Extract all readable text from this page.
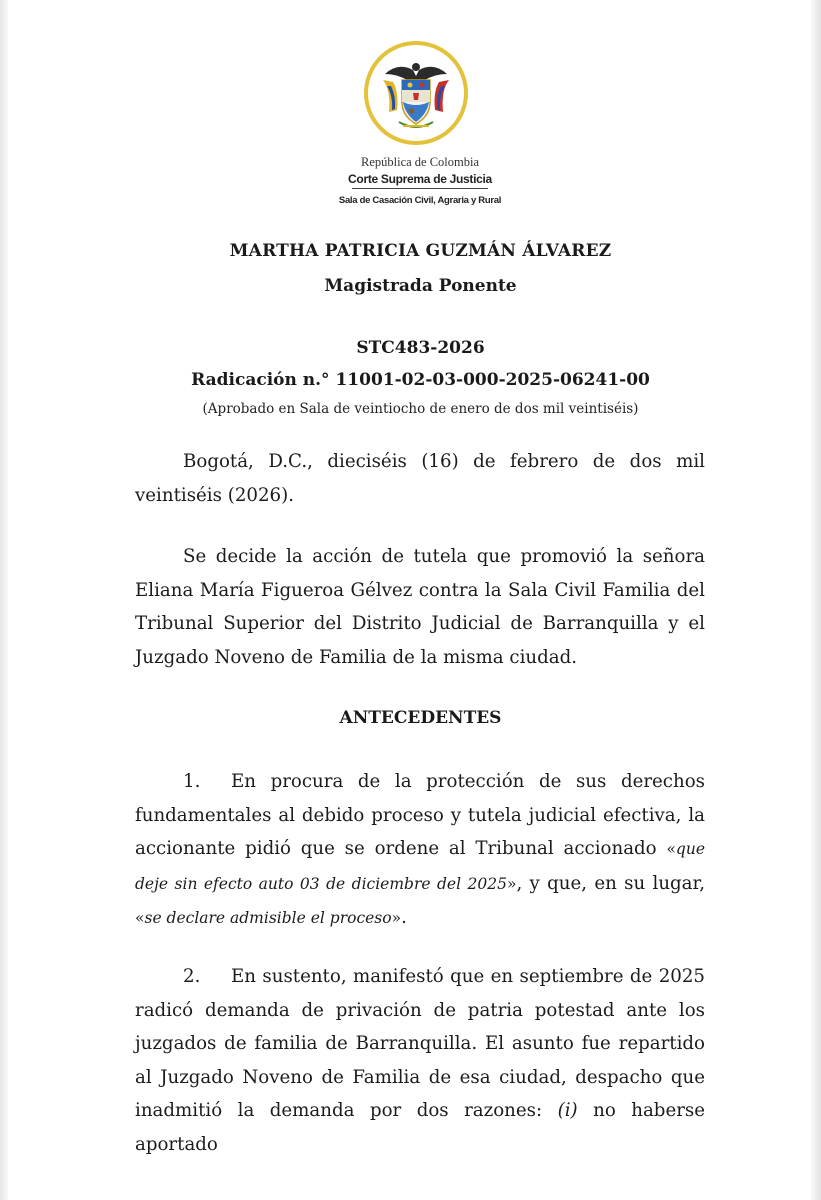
República de Colombia
Corte Suprema de Justicia
Sala de Casación Civil, Agraria y Rural
MARTHA PATRICIA GUZMÁN ÁLVAREZ
Magistrada Ponente
STC483-2026
Radicación n.° 11001-02-03-000-2025-06241-00
(Aprobado en Sala de veintiocho de enero de dos mil veintiséis)
Bogotá, D.C., dieciséis (16) de febrero de dos mil veintiséis (2026).
Se decide la acción de tutela que promovió la señora Eliana María Figueroa Gélvez contra la Sala Civil Familia del Tribunal Superior del Distrito Judicial de Barranquilla y el Juzgado Noveno de Familia de la misma ciudad.
ANTECEDENTES
1. En procura de la protección de sus derechos fundamentales al debido proceso y tutela judicial efectiva, la accionante pidió que se ordene al Tribunal accionado «que deje sin efecto auto 03 de diciembre del 2025», y que, en su lugar, «se declare admisible el proceso».
2. En sustento, manifestó que en septiembre de 2025 radicó demanda de privación de patria potestad ante los juzgados de familia de Barranquilla. El asunto fue repartido al Juzgado Noveno de Familia de esa ciudad, despacho que inadmitió la demanda por dos razones: (i) no haberse aportado
